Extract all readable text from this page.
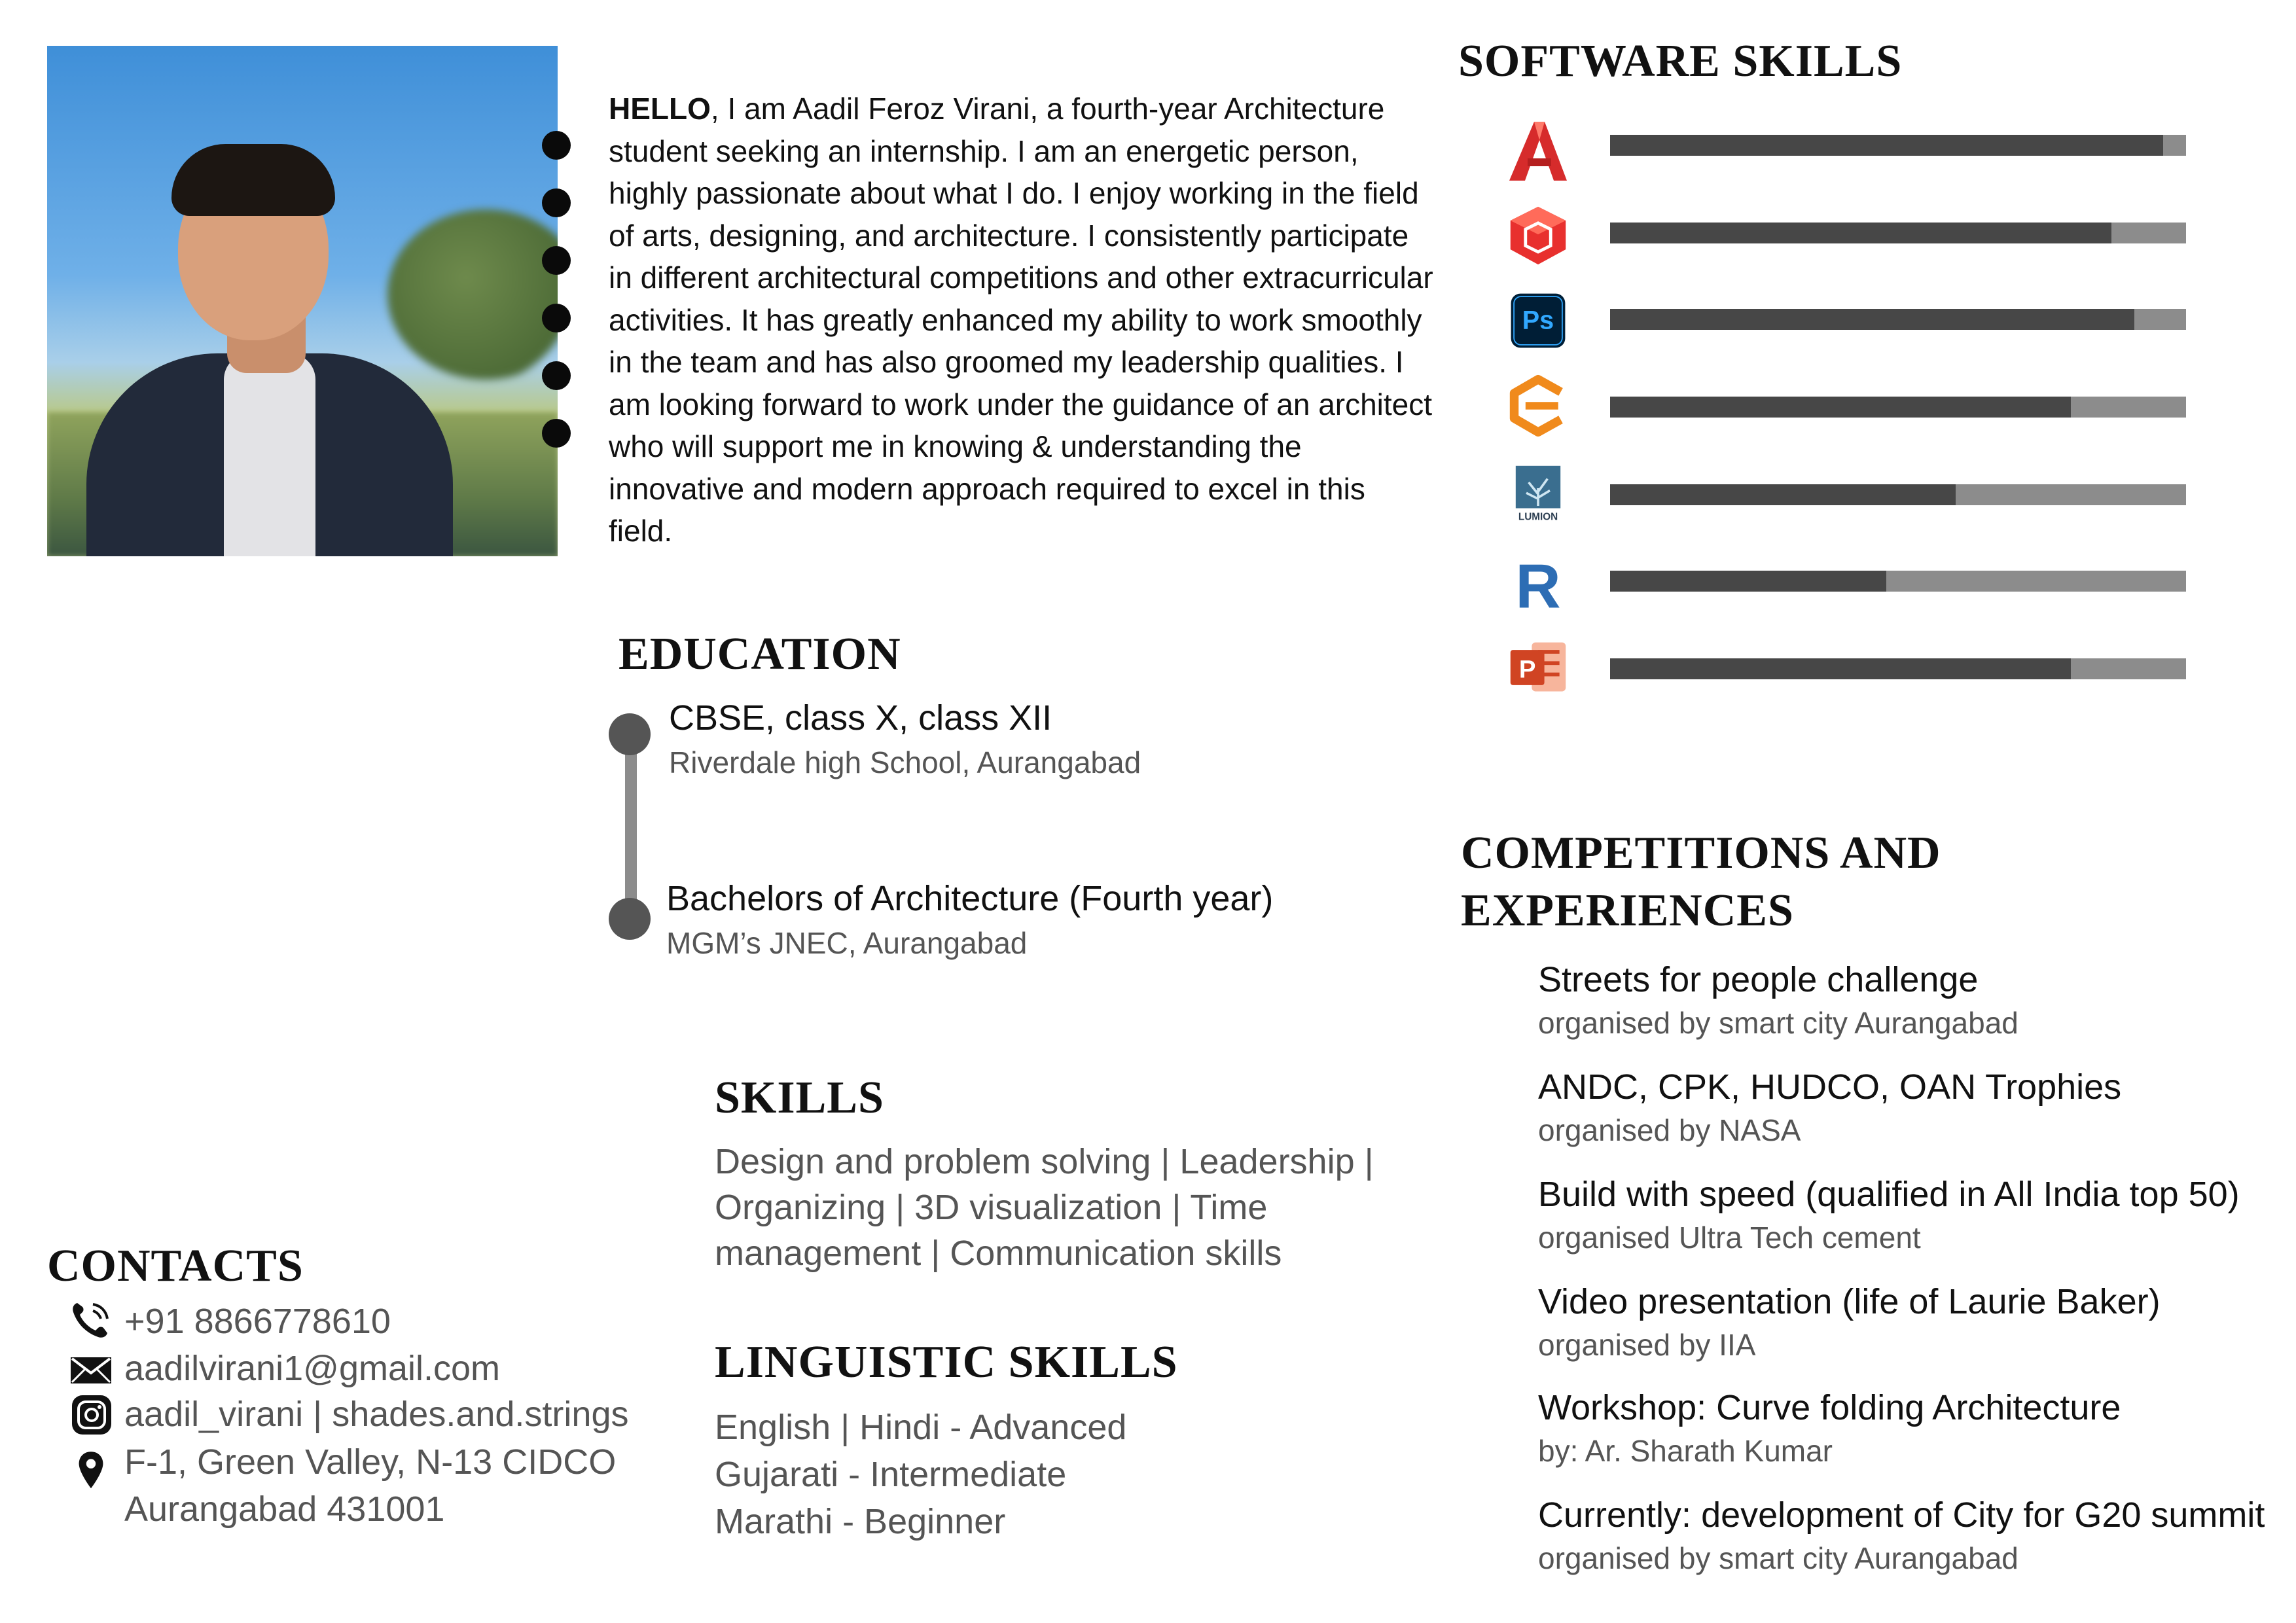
HELLO, I am Aadil Feroz Virani, a fourth-year Architecture student seeking an internship. I am an energetic person, highly passionate about what I do. I enjoy working in the field of arts, designing, and architecture. I consistently participate in different architectural competitions and other extracurricular activities. It has greatly enhanced my ability to work smoothly in the team and has also groomed my leadership qualities. I am looking forward to work under the guidance of an architect who will support me in knowing & understanding the innovative and modern approach required to excel in this field.

EDUCATION

CBSE, class X, class XII

Riverdale high School, Aurangabad

Bachelors of Architecture (Fourth year)

MGM’s JNEC, Aurangabad

SKILLS

Design and problem solving | Leadership | Organizing | 3D visualization | Time management | Communication skills

LINGUISTIC SKILLS
English | Hindi - Advanced
Gujarati - Intermediate
Marathi - Beginner
CONTACTS
+91 8866778610
aadilvirani1@gmail.com
aadil_virani | shades.and.strings
F-1, Green Valley, N-13 CIDCO
Aurangabad 431001
SOFTWARE SKILLS
Ps
LUMION
R
P
COMPETITIONS AND
EXPERIENCES

Streets for people challenge

organised by smart city Aurangabad

ANDC, CPK, HUDCO, OAN Trophies

organised by NASA

Build with speed (qualified in All India top 50)

organised Ultra Tech cement

Video presentation (life of Laurie Baker)

organised by IIA

Workshop: Curve folding Architecture

by: Ar. Sharath Kumar

Currently: development of City for G20 summit

organised by smart city Aurangabad
